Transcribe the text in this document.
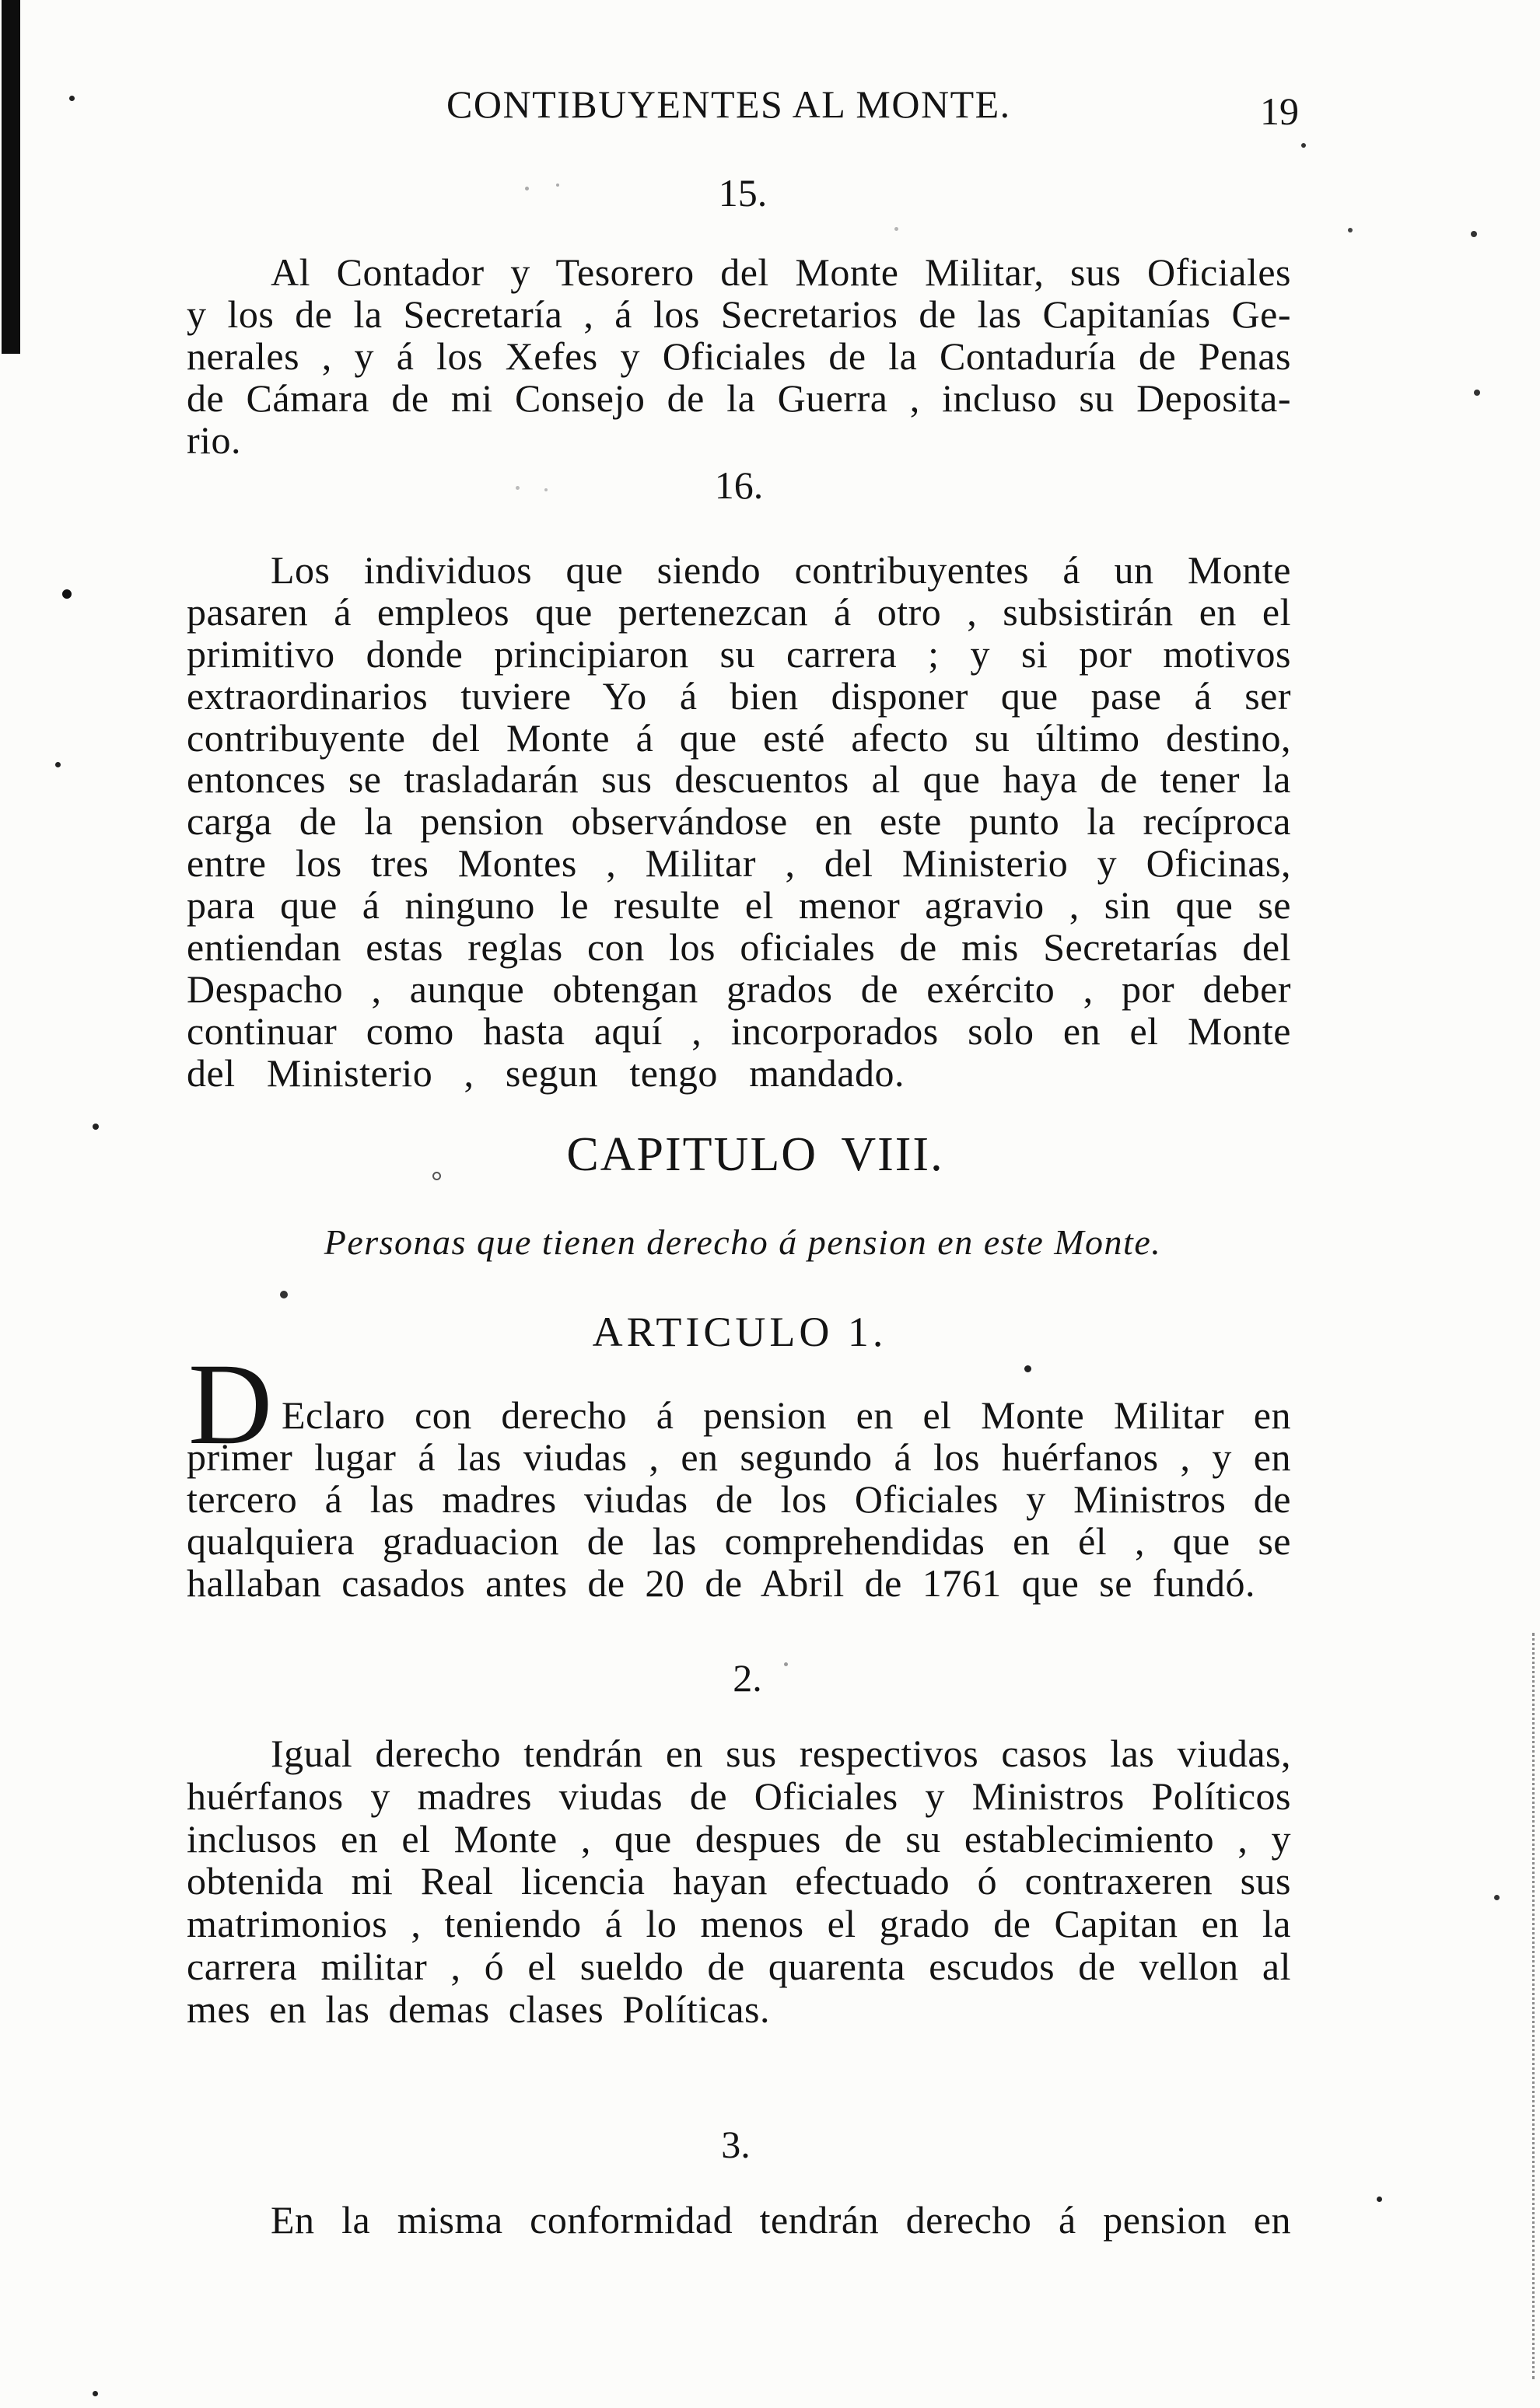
CONTIBUYENTES AL MONTE.	19
15.
Al Contador y Tesorero del Monte Militar, sus Oficiales
y los de la Secretaría , á los Secretarios de las Capitanías Ge-
nerales , y á los Xefes y Oficiales de la Contaduría de Penas
de Cámara de mi Consejo de la Guerra , incluso su Deposita-
rio.
16.
Los individuos que siendo contribuyentes á un Monte
pasaren á empleos que pertenezcan á otro , subsistirán en el
primitivo donde principiaron su carrera ; y si por motivos
extraordinarios tuviere Yo á bien disponer que pase á ser
contribuyente del Monte á que esté afecto su último destino,
entonces se trasladarán sus descuentos al que haya de tener la
carga de la pension observándose en este punto la recíproca
entre los tres Montes , Militar , del Ministerio y Oficinas,
para que á ninguno le resulte el menor agravio , sin que se
entiendan estas reglas con los oficiales de mis Secretarías del
Despacho , aunque obtengan grados de exército , por deber
continuar como hasta aquí , incorporados solo en el Monte
del Ministerio , segun tengo mandado.
CAPITULO VIII.
Personas que tienen derecho á pension en este Monte.
ARTICULO 1.
D Eclaro con derecho á pension en el Monte Militar en
primer lugar á las viudas , en segundo á los huérfanos , y en
tercero á las madres viudas de los Oficiales y Ministros de
qualquiera graduacion de las comprehendidas en él , que se
hallaban casados antes de 20 de Abril de 1761 que se fundó.
2.
Igual derecho tendrán en sus respectivos casos las viudas,
huérfanos y madres viudas de Oficiales y Ministros Políticos
inclusos en el Monte , que despues de su establecimiento , y
obtenida mi Real licencia hayan efectuado ó contraxeren sus
matrimonios , teniendo á lo menos el grado de Capitan en la
carrera militar , ó el sueldo de quarenta escudos de vellon al
mes en las demas clases Políticas.
3.
En la misma conformidad tendrán derecho á pension en
